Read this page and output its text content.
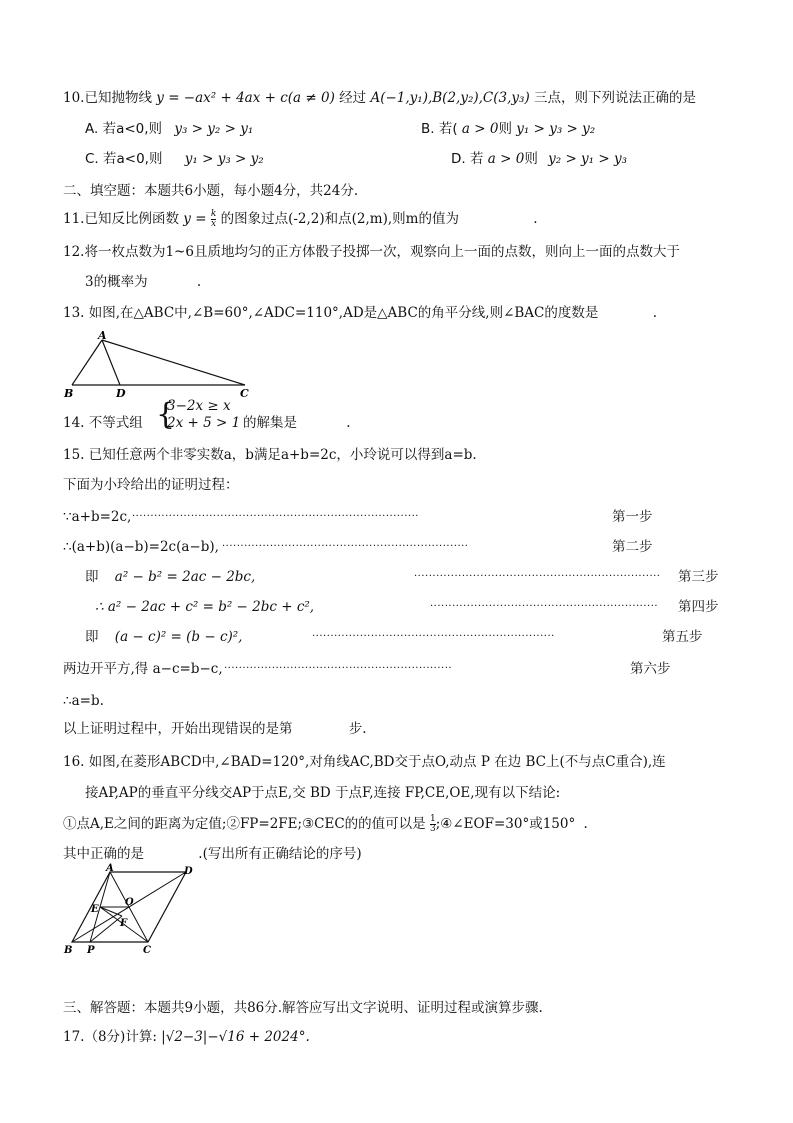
10.已知抛物线 y = −ax² + 4ax + c(a ≠ 0) 经过 A(−1,y₁),B(2,y₂),C(3,y₃) 三点，则下列说法正确的是
A. 若a<0,则 y₃ > y₂ > y₁	B. 若( a > 0则 y₁ > y₃ > y₂
C. 若a<0,则 y₁ > y₃ > y₂	D. 若 a > 0则 y₂ > y₁ > y₃
二、填空题：本题共6小题，每小题4分，共24分.
11.已知反比例函数 $y = \frac{k}{x}$ 的图象过点(-2,2)和点(2,m),则m的值为	.
12.将一枚点数为1~6且质地均匀的正方体骰子投掷一次，观察向上一面的点数，则向上一面的点数大于
3的概率为	.
13. 如图,在△ABC中,∠B=60°,∠ADC=110°,AD是△ABC的角平分线,则∠BAC的度数是	.
A
B	D	C
14. 不等式组 {
3−2x ≥ x
2x + 5 > 1 的解集是	.
15. 已知任意两个非零实数a，b满足a+b=2c，小玲说可以得到a=b.
下面为小玲给出的证明过程：
∵a+b=2c, ··············································································	第一步
∴(a+b)(a−b)=2c(a−b), ···································································	第二步
即 a² − b² = 2ac − 2bc,	··································································· 第三步
∴ a² − 2ac + c² = b² − 2bc + c²,	······························································ 第四步
即 (a − c)² = (b − c)²,	··································································	第五步
两边开平方,得 a−c=b−c, ······························································	第六步
∴a=b.
以上证明过程中，开始出现错误的是第	步.
16. 如图,在菱形ABCD中,∠BAD=120°,对角线AC,BD交于点O,动点 P 在边 BC上(不与点C重合),连
接AP,AP的垂直平分线交AP于点E,交 BD 于点F,连接 FP,CE,OE,现有以下结论:
①点A,E之间的距离为定值;②FP=2FE;③CEC的的值可以是 $\frac{1}{3}$ ;④∠EOF=30°或150° .
其中正确的是	.(写出所有正确结论的序号)
A	D
E
O
F
B P	C
三、解答题：本题共9小题，共86分.解答应写出文字说明、证明过程或演算步骤.
17.（8分)计算: |√2−3|−√16 + 2024°.
